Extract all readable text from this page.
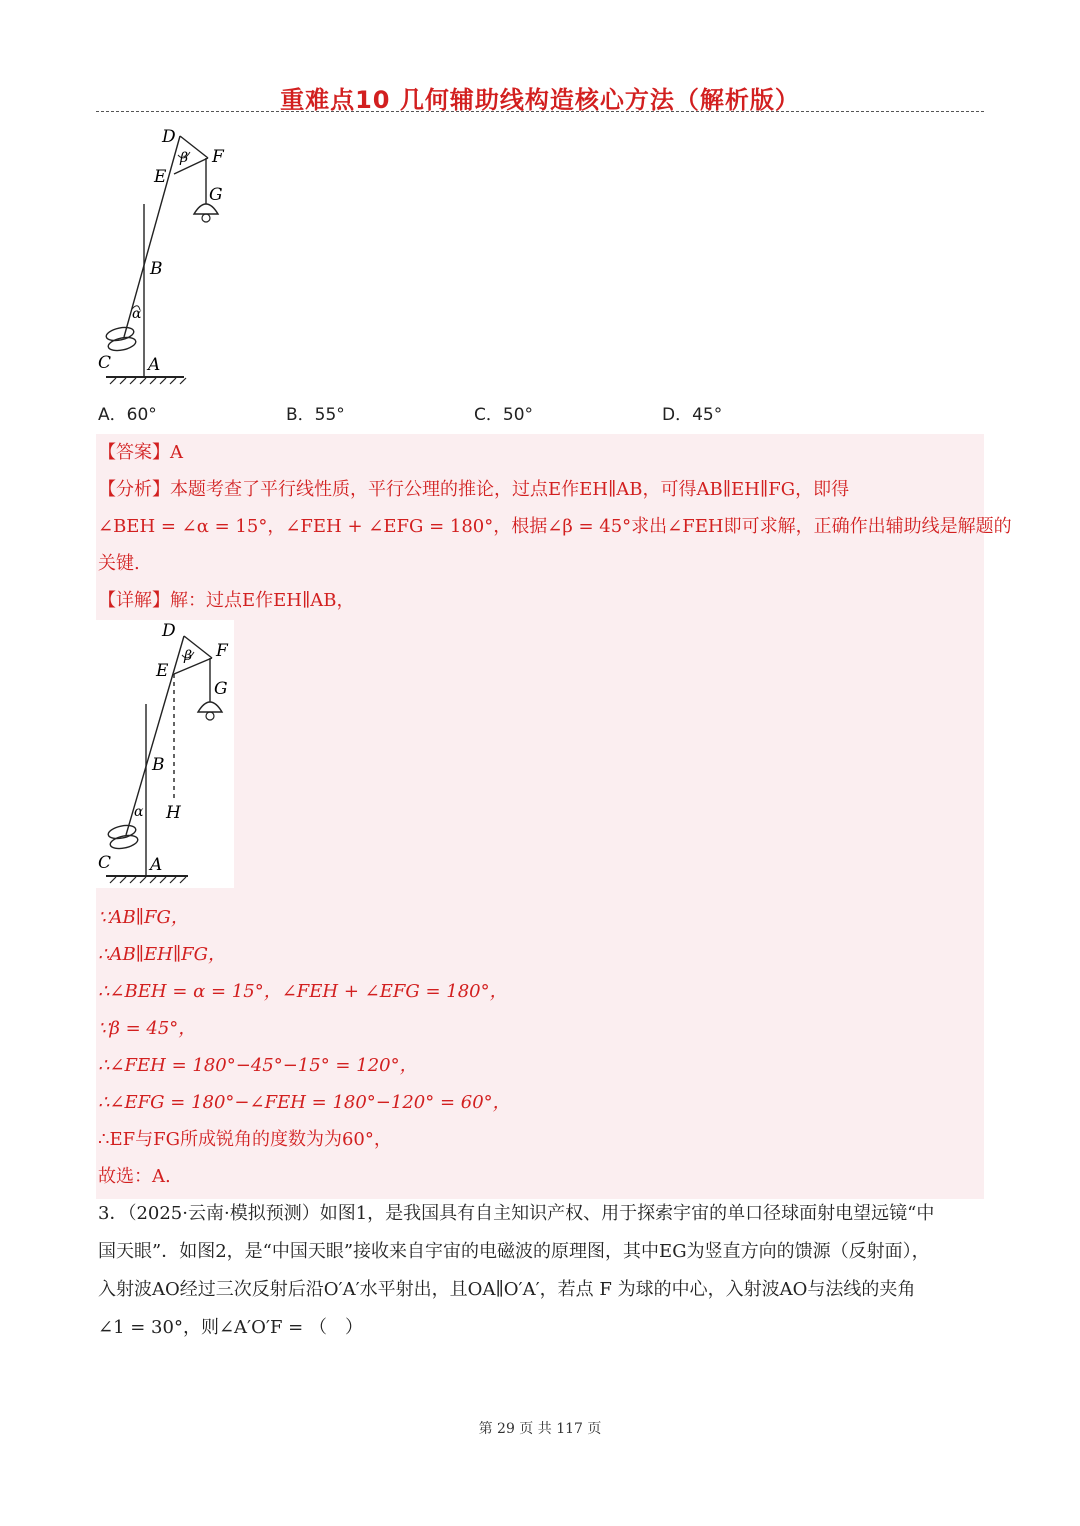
重难点10 几何辅助线构造核心方法（解析版）
D
E
F
G
B
α
β
C A
A．60°	B．55°	C．50°	D．45°
【答案】A
【分析】本题考查了平行线性质，平行公理的推论，过点E作EH∥AB，可得AB∥EH∥FG，即得
∠BEH = ∠α = 15°，∠FEH + ∠EFG = 180°，根据∠β = 45°求出∠FEH即可求解，正确作出辅助线是解题的
关键.
【详解】解：过点E作EH∥AB，
D
E
F
G
B
α
β
C A
H
∵AB∥FG，
∴AB∥EH∥FG，
∴∠BEH = α = 15°，∠FEH + ∠EFG = 180°，
∵β = 45°，
∴∠FEH = 180°−45°−15° = 120°，
∴∠EFG = 180°−∠FEH = 180°−120° = 60°，
∴EF与FG所成锐角的度数为为60°，
故选：A.
3．（2025·云南·模拟预测）如图1，是我国具有自主知识产权、用于探索宇宙的单口径球面射电望远镜“中
国天眼”．如图2，是“中国天眼”接收来自宇宙的电磁波的原理图，其中EG为竖直方向的馈源（反射面），
入射波AO经过三次反射后沿O′A′水平射出，且OA∥O′A′，若点 F 为球的中心，入射波AO与法线的夹角
∠1 = 30°，则∠A′O′F = （　）
第 29 页 共 117 页
